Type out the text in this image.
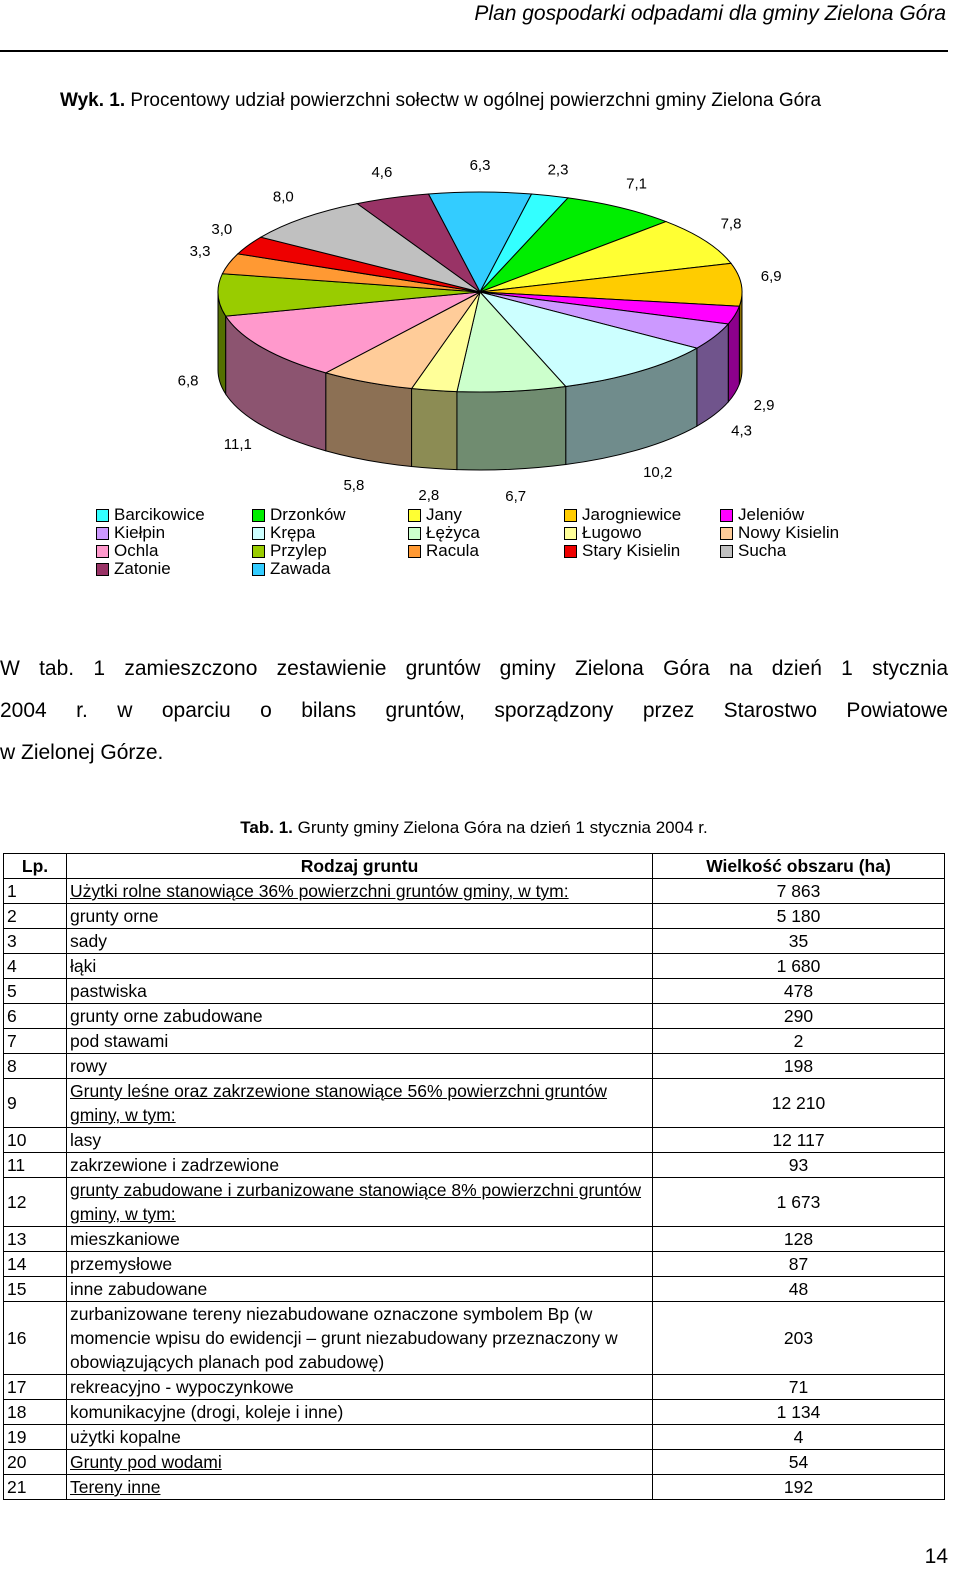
Plan gospodarki odpadami dla gminy Zielona Góra
Wyk. 1. Procentowy udział powierzchni sołectw w ogólnej powierzchni gminy Zielona Góra
6,3	2,3
7,1
7,8
6,9
2,9
4,3
10,2
6,7
2,8
5,8
11,1
6,8
3,3
3,0
8,0
4,6
Barcikowice
Kiełpin
Ochla
Zatonie
Drzonków
Krępa
Przylep
Zawada
Jany
Łężyca
Racula
Jarogniewice
Ługowo
Stary Kisielin
Jeleniów
Nowy Kisielin
Sucha

W tab. 1 zamieszczono zestawienie gruntów gminy Zielona Góra na dzień 1 stycznia

2004 r. w oparciu o bilans gruntów, sporządzony przez Starostwo Powiatowe

w Zielonej Górze.

Tab. 1. Grunty gminy Zielona Góra na dzień 1 stycznia 2004 r.
Lp.	Rodzaj gruntu	Wielkość obszaru (ha)
1	Użytki rolne stanowiące 36% powierzchni gruntów gminy, w tym:	7 863
2	grunty orne	5 180
3	sady	35
4	łąki	1 680
5	pastwiska	478
6	grunty orne zabudowane	290
7	pod stawami	2
8	rowy	198
9	Grunty leśne oraz zakrzewione stanowiące 56% powierzchni gruntów gminy, w tym:	12 210
10	lasy	12 117
11	zakrzewione i zadrzewione	93
12	grunty zabudowane i zurbanizowane stanowiące 8% powierzchni gruntów gminy, w tym:	1 673
13	mieszkaniowe	128
14	przemysłowe	87
15	inne zabudowane	48
16	zurbanizowane tereny niezabudowane oznaczone symbolem Bp (w momencie wpisu do ewidencji – grunt niezabudowany przeznaczony w obowiązujących planach pod zabudowę)	203
17	rekreacyjno - wypoczynkowe	71
18	komunikacyjne (drogi, koleje i inne)	1 134
19	użytki kopalne	4
20	Grunty pod wodami	54
21	Tereny inne	192
14
